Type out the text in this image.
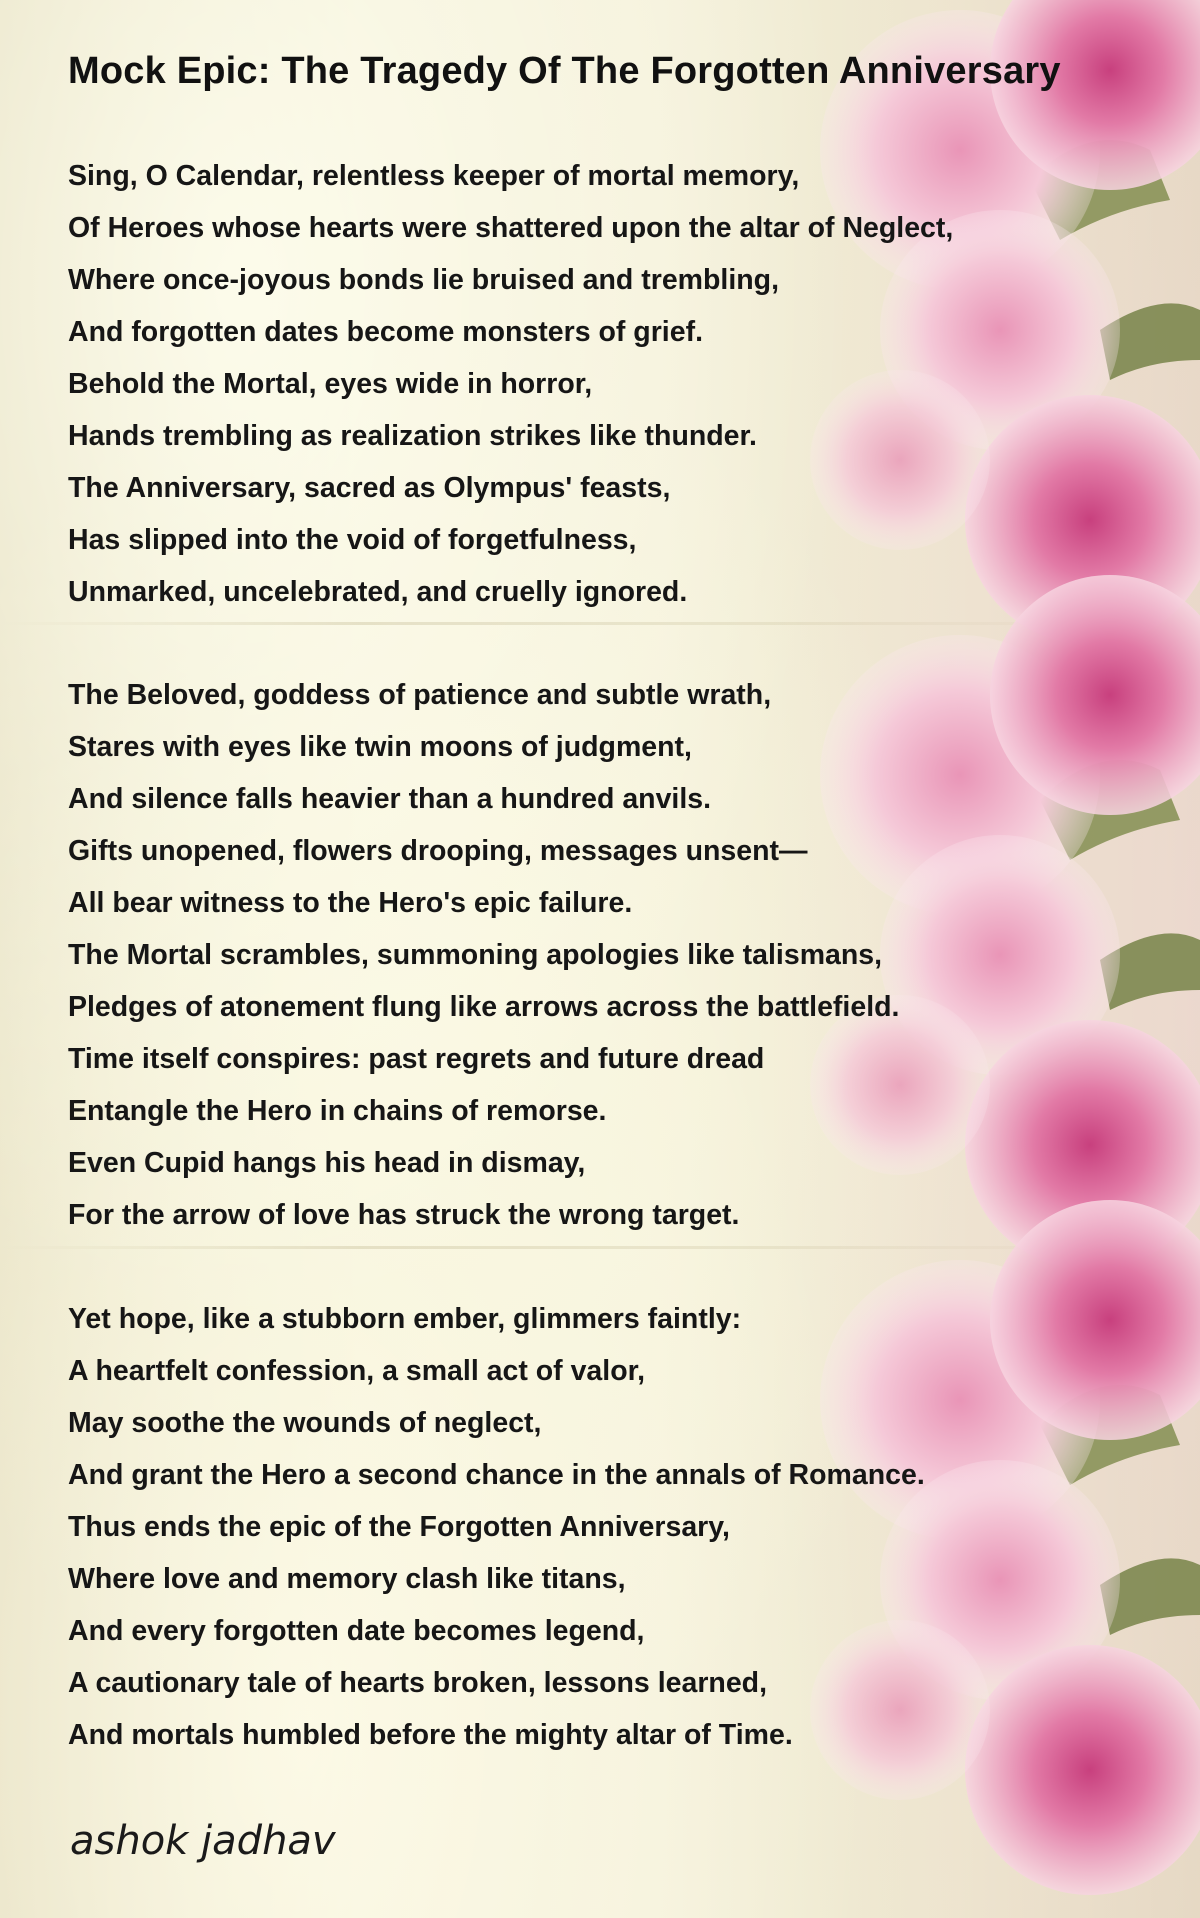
Mock Epic: The Tragedy Of The Forgotten Anniversary
Sing, O Calendar, relentless keeper of mortal memory,
Of Heroes whose hearts were shattered upon the altar of Neglect,
Where once-joyous bonds lie bruised and trembling,
And forgotten dates become monsters of grief.
Behold the Mortal, eyes wide in horror,
Hands trembling as realization strikes like thunder.
The Anniversary, sacred as Olympus' feasts,
Has slipped into the void of forgetfulness,
Unmarked, uncelebrated, and cruelly ignored.
The Beloved, goddess of patience and subtle wrath,
Stares with eyes like twin moons of judgment,
And silence falls heavier than a hundred anvils.
Gifts unopened, flowers drooping, messages unsent—
All bear witness to the Hero's epic failure.
The Mortal scrambles, summoning apologies like talismans,
Pledges of atonement flung like arrows across the battlefield.
Time itself conspires: past regrets and future dread
Entangle the Hero in chains of remorse.
Even Cupid hangs his head in dismay,
For the arrow of love has struck the wrong target.
Yet hope, like a stubborn ember, glimmers faintly:
A heartfelt confession, a small act of valor,
May soothe the wounds of neglect,
And grant the Hero a second chance in the annals of Romance.
Thus ends the epic of the Forgotten Anniversary,
Where love and memory clash like titans,
And every forgotten date becomes legend,
A cautionary tale of hearts broken, lessons learned,
And mortals humbled before the mighty altar of Time.
ashok jadhav
